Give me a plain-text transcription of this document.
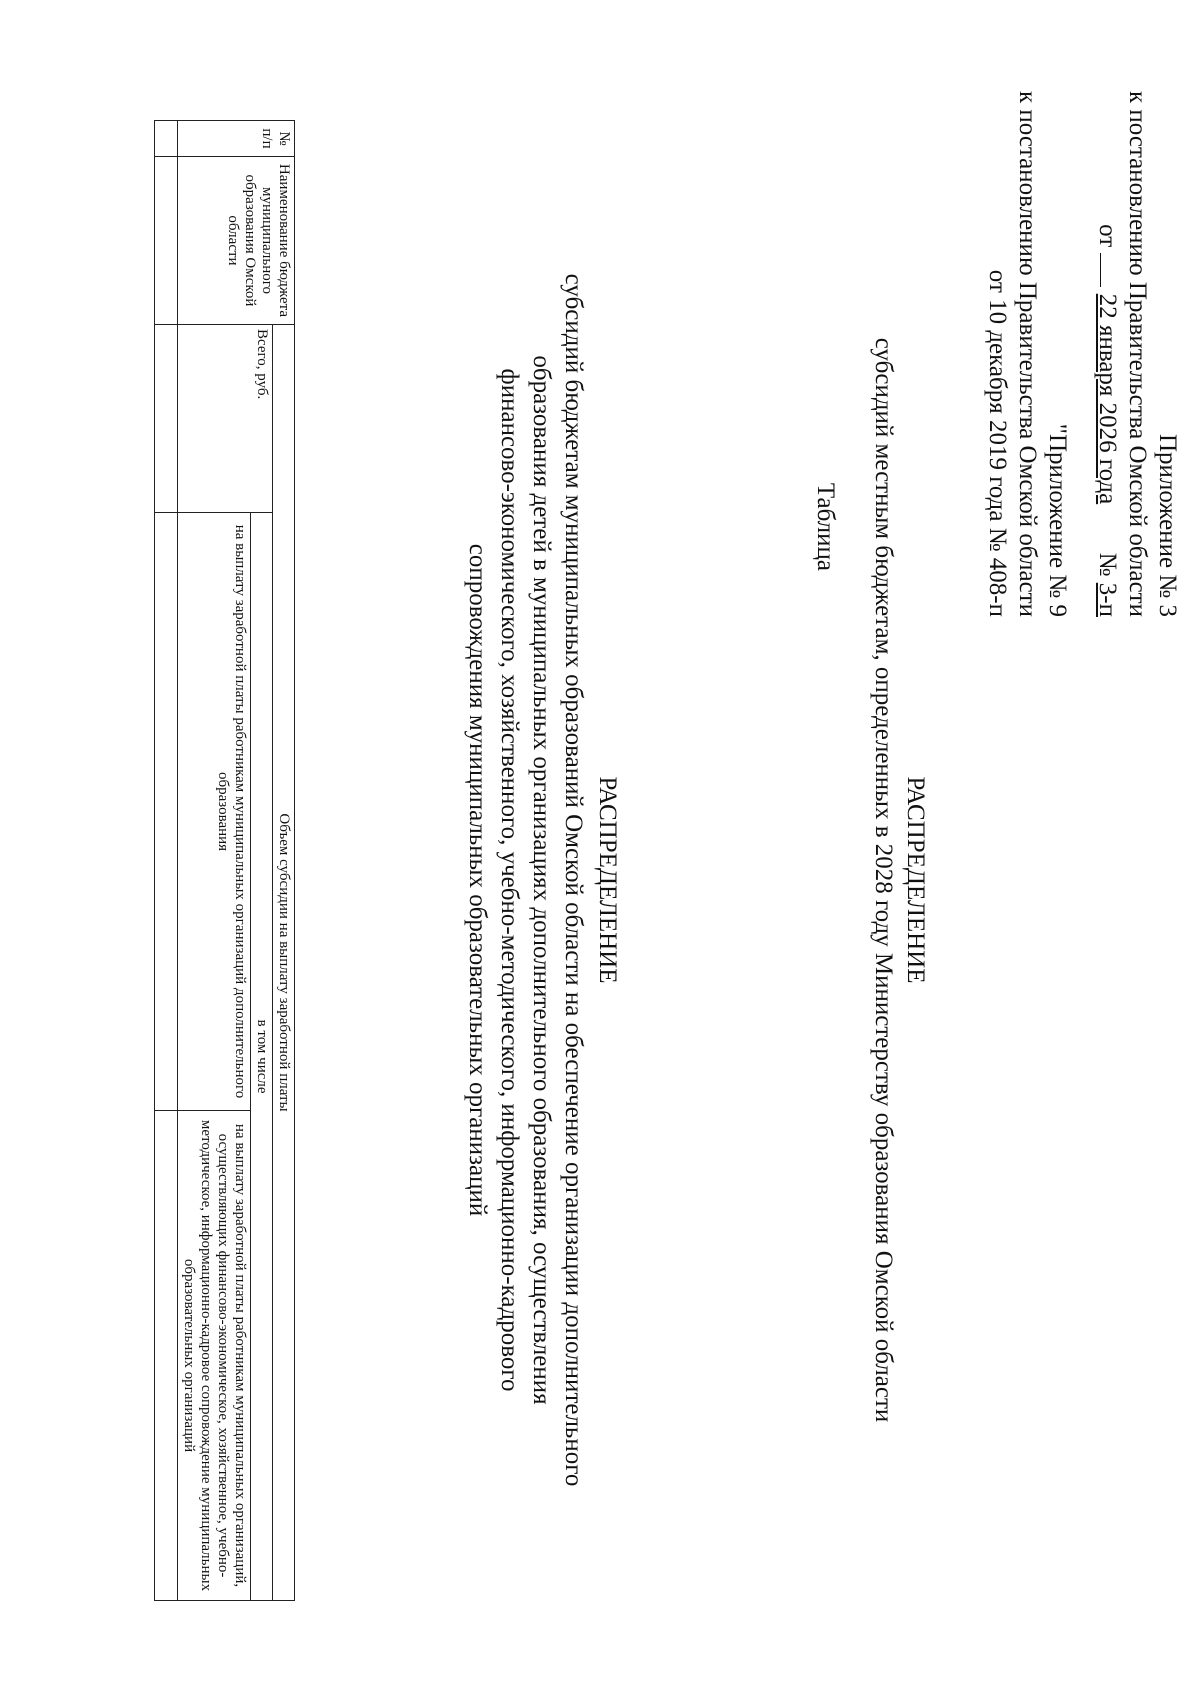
Приложение № 3
к постановлению Правительства Омской области
от  22 января 2026 года  № 3-п
"Приложение № 9
к постановлению Правительства Омской области
от 10 декабря 2019 года № 408-п
РАСПРЕДЕЛЕНИЕ
субсидий местным бюджетам, определенных в 2028 году Министерству образования Омской области
Таблица
РАСПРЕДЕЛЕНИЕ
субсидий бюджетам муниципальных образований Омской области на обеспечение организации дополнительного
образования детей в муниципальных организациях дополнительного образования, осуществления
финансово-экономического, хозяйственного, учебно-методического, информационно-кадрового
сопровождения муниципальных образовательных организаций
№ п/п	Наименование бюджета муниципального образования Омской области	Объем субсидии на выплату заработной платы		
		Всего, руб.	в том числе	
			на выплату заработной платы работникам муниципальных организаций дополнительного образования	на выплату заработной платы работникам муниципальных организаций, осуществляющих финансово-экономическое, хозяйственное, учебно-методическое, информационно-кадровое сопровождение муниципальных образовательных организаций
